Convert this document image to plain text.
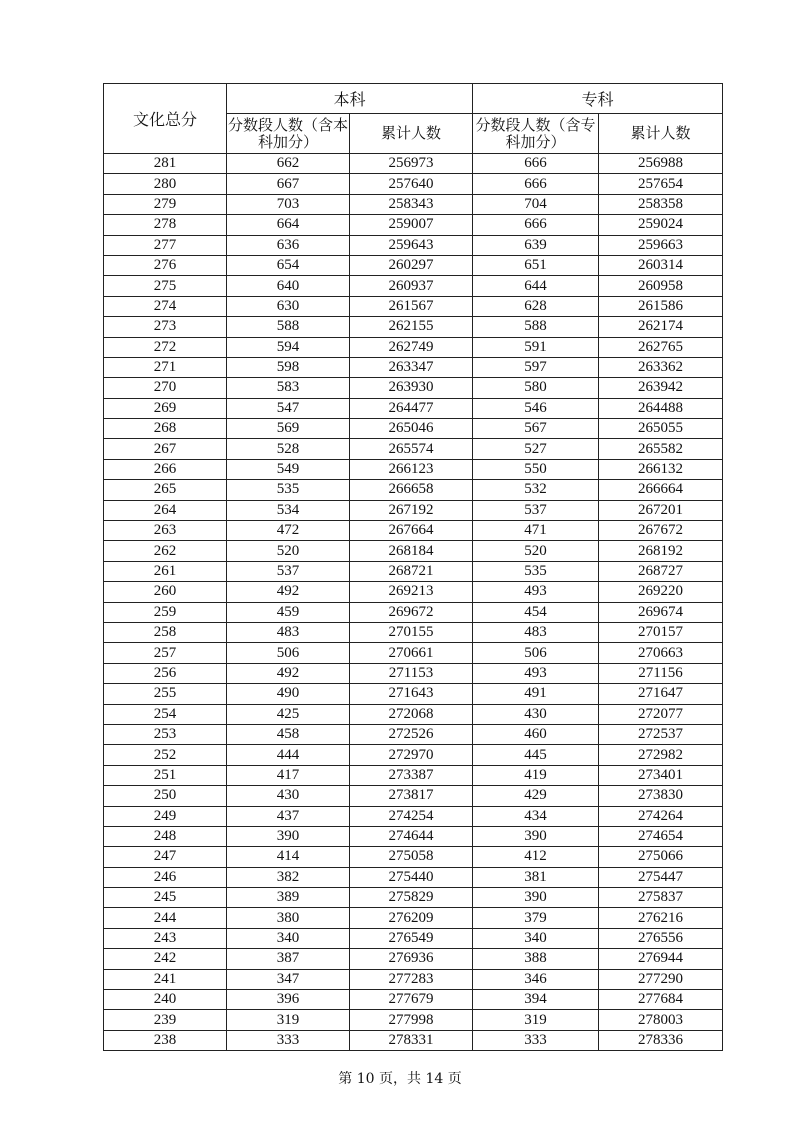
文化总分	本科		专科	
	分数段人数（含本科加分）	累计人数	分数段人数（含专科加分）	累计人数
281	662	256973	666	256988
280	667	257640	666	257654
279	703	258343	704	258358
278	664	259007	666	259024
277	636	259643	639	259663
276	654	260297	651	260314
275	640	260937	644	260958
274	630	261567	628	261586
273	588	262155	588	262174
272	594	262749	591	262765
271	598	263347	597	263362
270	583	263930	580	263942
269	547	264477	546	264488
268	569	265046	567	265055
267	528	265574	527	265582
266	549	266123	550	266132
265	535	266658	532	266664
264	534	267192	537	267201
263	472	267664	471	267672
262	520	268184	520	268192
261	537	268721	535	268727
260	492	269213	493	269220
259	459	269672	454	269674
258	483	270155	483	270157
257	506	270661	506	270663
256	492	271153	493	271156
255	490	271643	491	271647
254	425	272068	430	272077
253	458	272526	460	272537
252	444	272970	445	272982
251	417	273387	419	273401
250	430	273817	429	273830
249	437	274254	434	274264
248	390	274644	390	274654
247	414	275058	412	275066
246	382	275440	381	275447
245	389	275829	390	275837
244	380	276209	379	276216
243	340	276549	340	276556
242	387	276936	388	276944
241	347	277283	346	277290
240	396	277679	394	277684
239	319	277998	319	278003
238	333	278331	333	278336
第 10 页，共 14 页
